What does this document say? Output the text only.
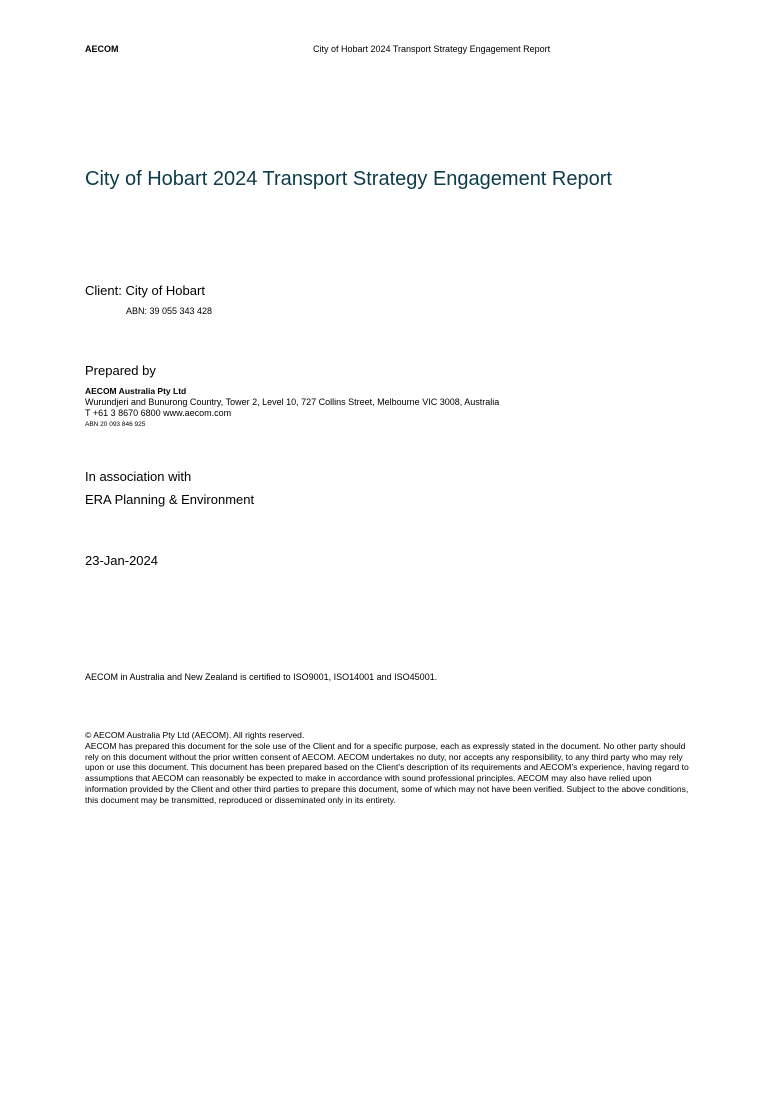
AECOM	City of Hobart 2024 Transport Strategy Engagement Report
City of Hobart 2024 Transport Strategy Engagement Report
Client: City of Hobart
ABN: 39 055 343 428
Prepared by
AECOM Australia Pty Ltd
Wurundjeri and Bunurong Country, Tower 2, Level 10, 727 Collins Street, Melbourne VIC 3008, Australia
T +61 3 8670 6800 www.aecom.com
ABN 20 093 846 925
In association with
ERA Planning & Environment
23-Jan-2024
AECOM in Australia and New Zealand is certified to ISO9001, ISO14001 and ISO45001.

© AECOM Australia Pty Ltd (AECOM). All rights reserved.

AECOM has prepared this document for the sole use of the Client and for a specific purpose, each as expressly stated in the document. No other party should rely on this document without the prior written consent of AECOM. AECOM undertakes no duty, nor accepts any responsibility, to any third party who may rely upon or use this document. This document has been prepared based on the Client’s description of its requirements and AECOM’s experience, having regard to assumptions that AECOM can reasonably be expected to make in accordance with sound professional principles. AECOM may also have relied upon information provided by the Client and other third parties to prepare this document, some of which may not have been verified. Subject to the above conditions, this document may be transmitted, reproduced or disseminated only in its entirety.
